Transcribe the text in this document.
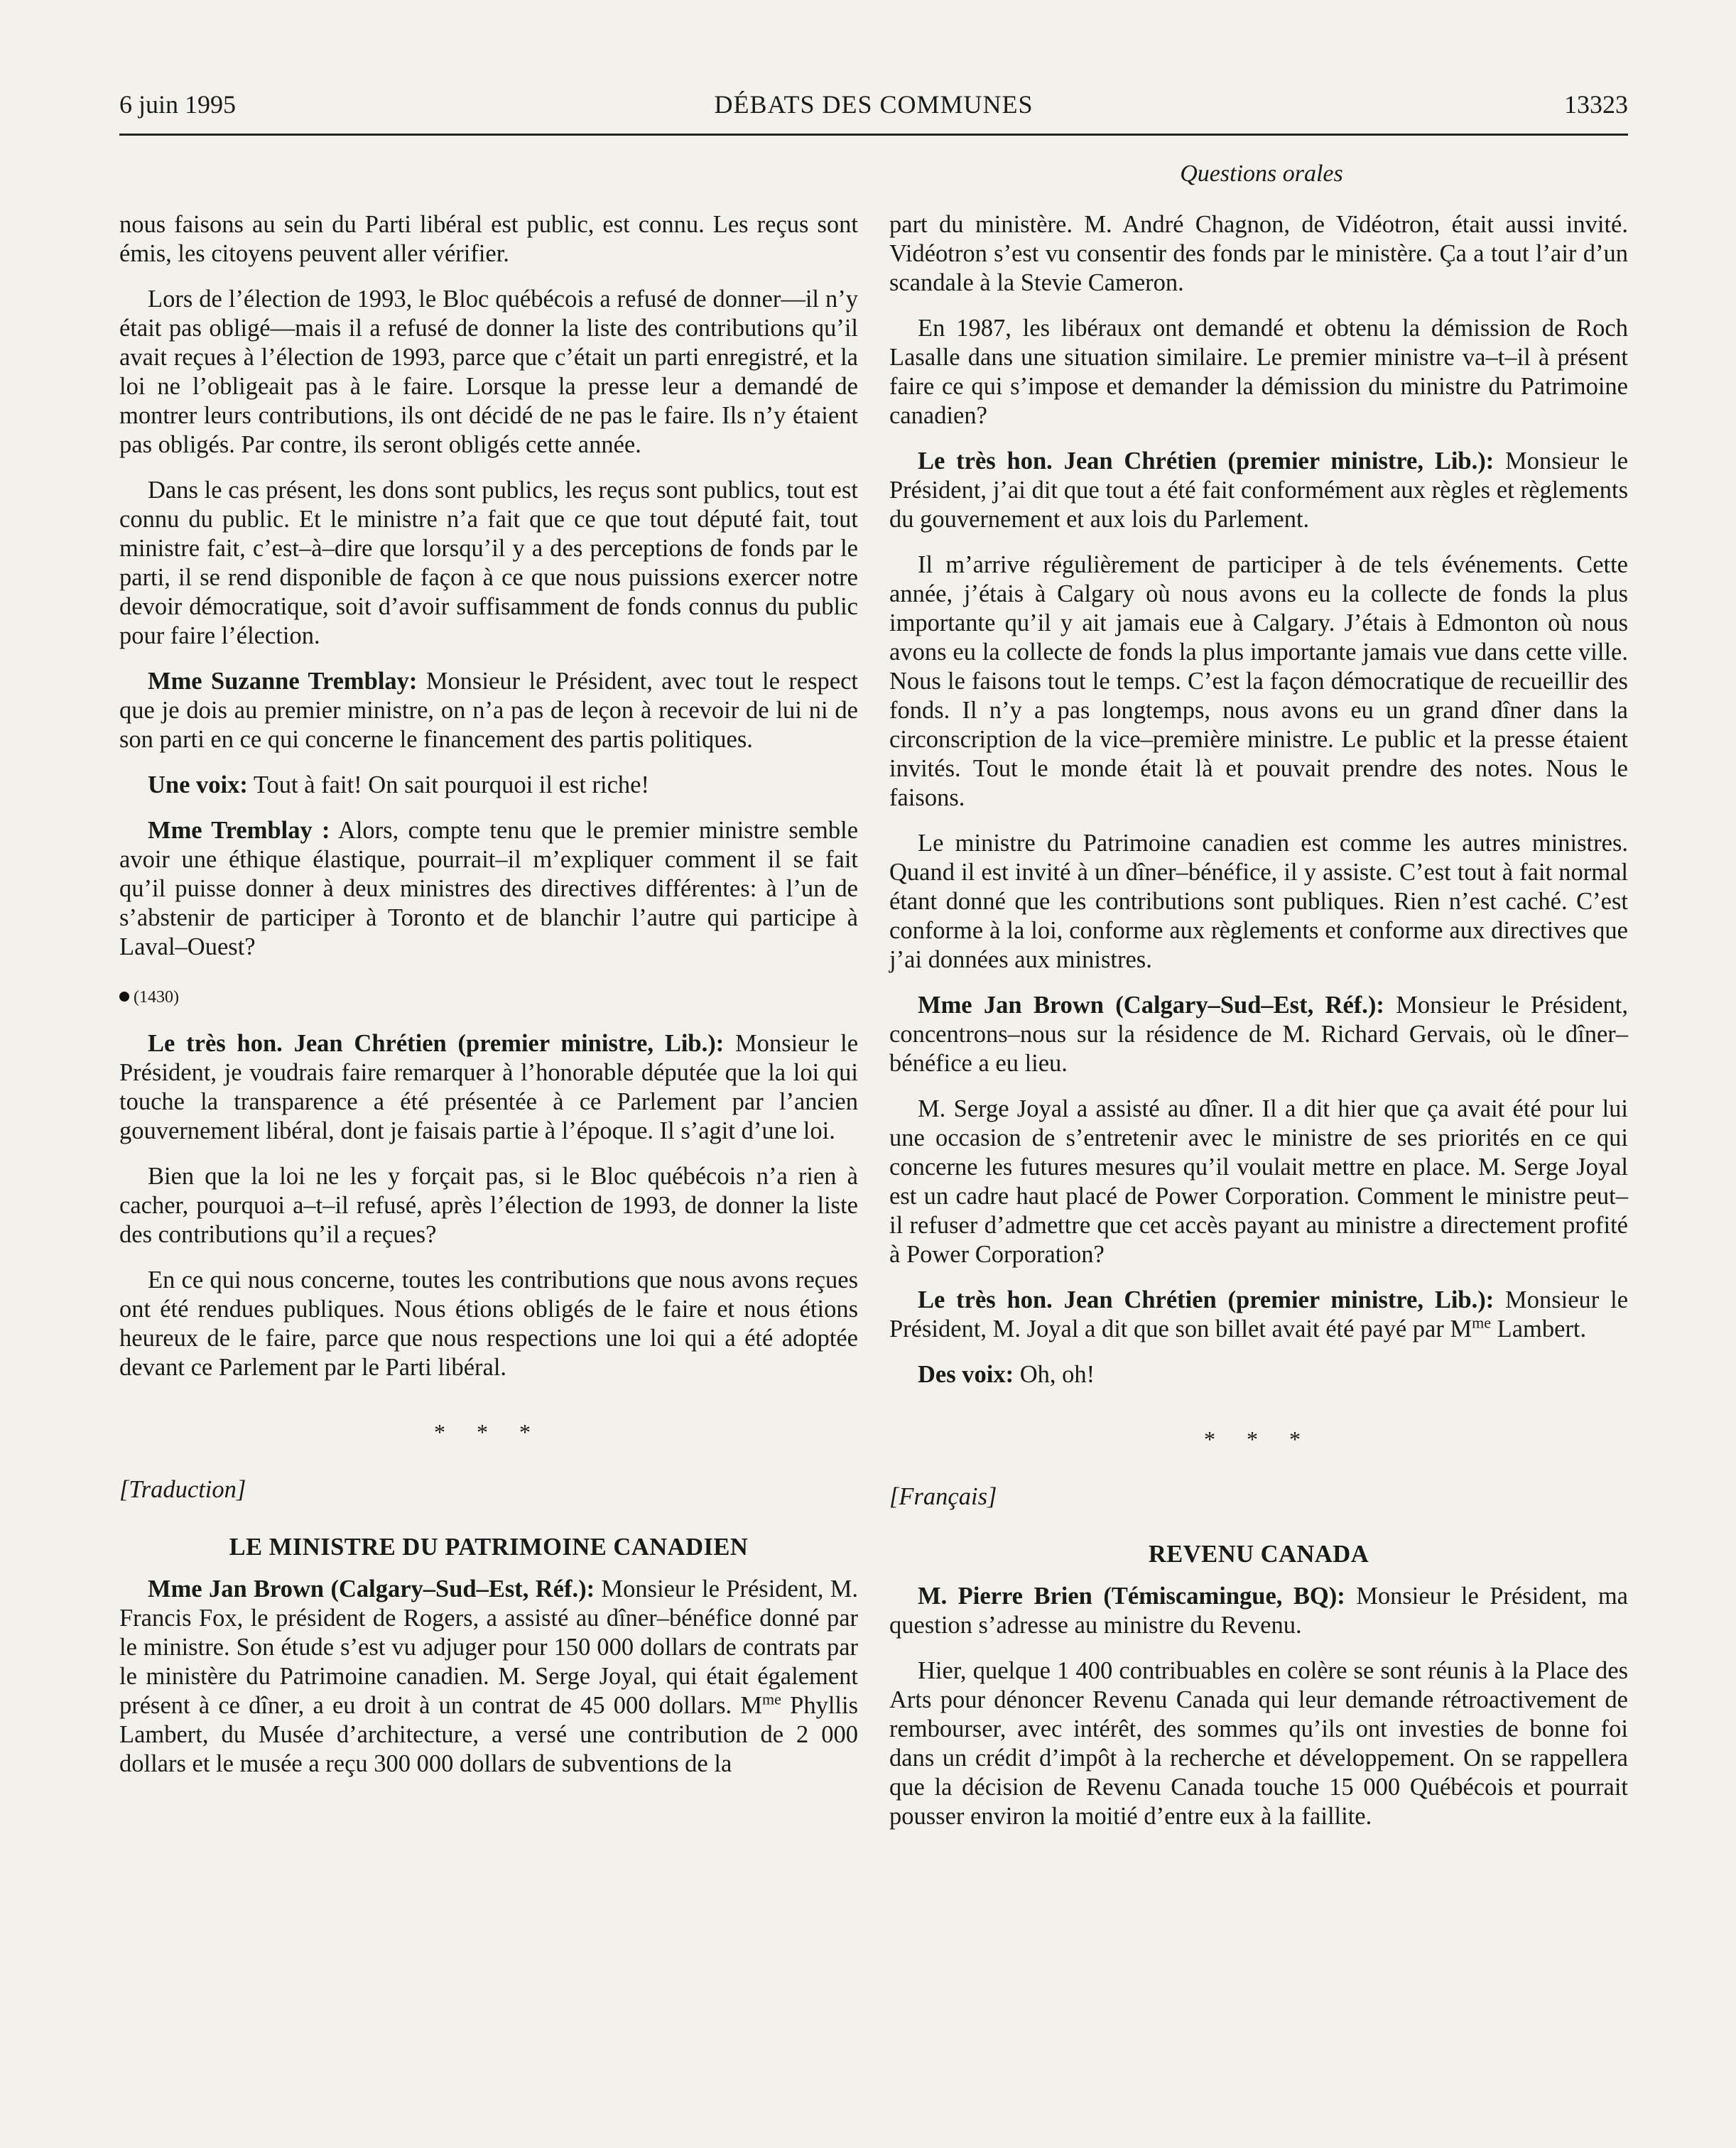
6 juin 1995	DÉBATS DES COMMUNES	13323
Questions orales

nous faisons au sein du Parti libéral est public, est connu. Les reçus sont émis, les citoyens peuvent aller vérifier.

Lors de l’élection de 1993, le Bloc québécois a refusé de donner—il n’y était pas obligé—mais il a refusé de donner la liste des contributions qu’il avait reçues à l’élection de 1993, parce que c’était un parti enregistré, et la loi ne l’obligeait pas à le faire. Lorsque la presse leur a demandé de montrer leurs contributions, ils ont décidé de ne pas le faire. Ils n’y étaient pas obligés. Par contre, ils seront obligés cette année.

Dans le cas présent, les dons sont publics, les reçus sont publics, tout est connu du public. Et le ministre n’a fait que ce que tout député fait, tout ministre fait, c’est–à–dire que lorsqu’il y a des perceptions de fonds par le parti, il se rend disponible de façon à ce que nous puissions exercer notre devoir démocratique, soit d’avoir suffisamment de fonds connus du public pour faire l’élection.

Mme Suzanne Tremblay: Monsieur le Président, avec tout le respect que je dois au premier ministre, on n’a pas de leçon à recevoir de lui ni de son parti en ce qui concerne le financement des partis politiques.

Une voix: Tout à fait! On sait pourquoi il est riche!

Mme Tremblay : Alors, compte tenu que le premier ministre semble avoir une éthique élastique, pourrait–il m’expliquer comment il se fait qu’il puisse donner à deux ministres des directives différentes: à l’un de s’abstenir de participer à Toronto et de blanchir l’autre qui participe à Laval–Ouest?

(1430)

Le très hon. Jean Chrétien (premier ministre, Lib.): Monsieur le Président, je voudrais faire remarquer à l’honorable députée que la loi qui touche la transparence a été présentée à ce Parlement par l’ancien gouvernement libéral, dont je faisais partie à l’époque. Il s’agit d’une loi.

Bien que la loi ne les y forçait pas, si le Bloc québécois n’a rien à cacher, pourquoi a–t–il refusé, après l’élection de 1993, de donner la liste des contributions qu’il a reçues?

En ce qui nous concerne, toutes les contributions que nous avons reçues ont été rendues publiques. Nous étions obligés de le faire et nous étions heureux de le faire, parce que nous respections une loi qui a été adoptée devant ce Parlement par le Parti libéral.

* * *

[Traduction]

LE MINISTRE DU PATRIMOINE CANADIEN

Mme Jan Brown (Calgary–Sud–Est, Réf.): Monsieur le Président, M. Francis Fox, le président de Rogers, a assisté au dîner–bénéfice donné par le ministre. Son étude s’est vu adjuger pour 150 000 dollars de contrats par le ministère du Patrimoine canadien. M. Serge Joyal, qui était également présent à ce dîner, a eu droit à un contrat de 45 000 dollars. $M^{me}$ Phyllis Lambert, du Musée d’architecture, a versé une contribution de 2 000 dollars et le musée a reçu 300 000 dollars de subventions de la

part du ministère. M. André Chagnon, de Vidéotron, était aussi invité. Vidéotron s’est vu consentir des fonds par le ministère. Ça a tout l’air d’un scandale à la Stevie Cameron.

En 1987, les libéraux ont demandé et obtenu la démission de Roch Lasalle dans une situation similaire. Le premier ministre va–t–il à présent faire ce qui s’impose et demander la démission du ministre du Patrimoine canadien?

Le très hon. Jean Chrétien (premier ministre, Lib.): Monsieur le Président, j’ai dit que tout a été fait conformément aux règles et règlements du gouvernement et aux lois du Parlement.

Il m’arrive régulièrement de participer à de tels événements. Cette année, j’étais à Calgary où nous avons eu la collecte de fonds la plus importante qu’il y ait jamais eue à Calgary. J’étais à Edmonton où nous avons eu la collecte de fonds la plus importante jamais vue dans cette ville. Nous le faisons tout le temps. C’est la façon démocratique de recueillir des fonds. Il n’y a pas longtemps, nous avons eu un grand dîner dans la circonscription de la vice–première ministre. Le public et la presse étaient invités. Tout le monde était là et pouvait prendre des notes. Nous le faisons.

Le ministre du Patrimoine canadien est comme les autres ministres. Quand il est invité à un dîner–bénéfice, il y assiste. C’est tout à fait normal étant donné que les contributions sont publiques. Rien n’est caché. C’est conforme à la loi, conforme aux règlements et conforme aux directives que j’ai données aux ministres.

Mme Jan Brown (Calgary–Sud–Est, Réf.): Monsieur le Président, concentrons–nous sur la résidence de M. Richard Gervais, où le dîner–bénéfice a eu lieu.

M. Serge Joyal a assisté au dîner. Il a dit hier que ça avait été pour lui une occasion de s’entretenir avec le ministre de ses priorités en ce qui concerne les futures mesures qu’il voulait mettre en place. M. Serge Joyal est un cadre haut placé de Power Corporation. Comment le ministre peut–il refuser d’admettre que cet accès payant au ministre a directement profité à Power Corporation?

Le très hon. Jean Chrétien (premier ministre, Lib.): Monsieur le Président, M. Joyal a dit que son billet avait été payé par $M^{me}$ Lambert.

Des voix: Oh, oh!

* * *

[Français]

REVENU CANADA

M. Pierre Brien (Témiscamingue, BQ): Monsieur le Président, ma question s’adresse au ministre du Revenu.

Hier, quelque 1 400 contribuables en colère se sont réunis à la Place des Arts pour dénoncer Revenu Canada qui leur demande rétroactivement de rembourser, avec intérêt, des sommes qu’ils ont investies de bonne foi dans un crédit d’impôt à la recherche et développement. On se rappellera que la décision de Revenu Canada touche 15 000 Québécois et pourrait pousser environ la moitié d’entre eux à la faillite.
